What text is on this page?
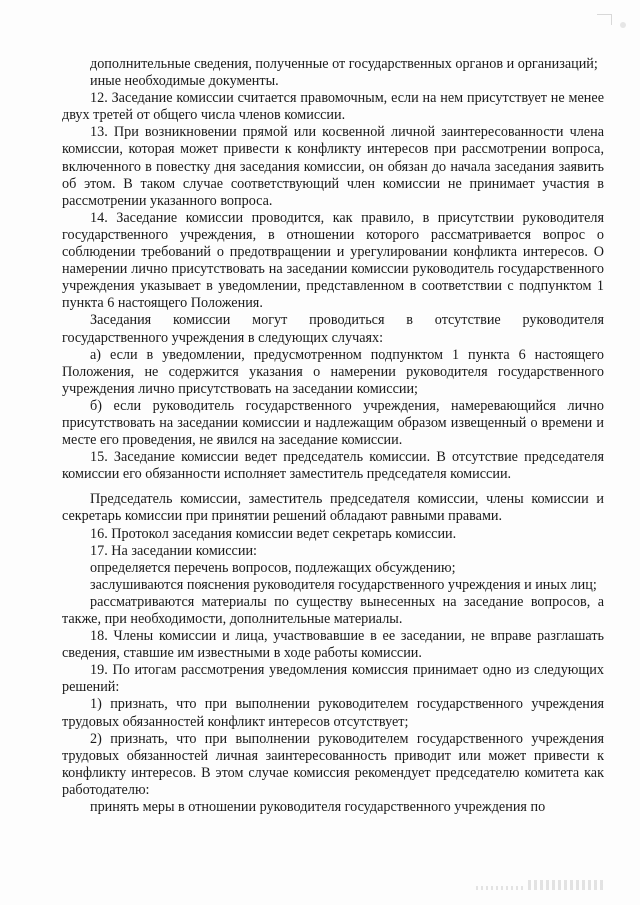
дополнительные сведения, полученные от государственных органов и организаций;

иные необходимые документы.

12. Заседание комиссии считается правомочным, если на нем присутствует не менее двух третей от общего числа членов комиссии.

13. При возникновении прямой или косвенной личной заинтересованности члена комиссии, которая может привести к конфликту интересов при рассмотрении вопроса, включенного в повестку дня заседания комиссии, он обязан до начала заседания заявить об этом. В таком случае соответствующий член комиссии не принимает участия в рассмотрении указанного вопроса.

14. Заседание комиссии проводится, как правило, в присутствии руководителя государственного учреждения, в отношении которого рассматривается вопрос о соблюдении требований о предотвращении и урегулировании конфликта интересов. О намерении лично присутствовать на заседании комиссии руководитель государственного учреждения указывает в уведомлении, представленном в соответствии с подпунктом 1 пункта 6 настоящего Положения.

Заседания комиссии могут проводиться в отсутствие руководителя государственного учреждения в следующих случаях:

а) если в уведомлении, предусмотренном подпунктом 1 пункта 6 настоящего Положения, не содержится указания о намерении руководителя государственного учреждения лично присутствовать на заседании комиссии;

б) если руководитель государственного учреждения, намеревающийся лично присутствовать на заседании комиссии и надлежащим образом извещенный о времени и месте его проведения, не явился на заседание комиссии.

15. Заседание комиссии ведет председатель комиссии. В отсутствие председателя комиссии его обязанности исполняет заместитель председателя комиссии.

Председатель комиссии, заместитель председателя комиссии, члены комиссии и секретарь комиссии при принятии решений обладают равными правами.

16. Протокол заседания комиссии ведет секретарь комиссии.

17. На заседании комиссии:

определяется перечень вопросов, подлежащих обсуждению;

заслушиваются пояснения руководителя государственного учреждения и иных лиц;

рассматриваются материалы по существу вынесенных на заседание вопросов, а также, при необходимости, дополнительные материалы.

18. Члены комиссии и лица, участвовавшие в ее заседании, не вправе разглашать сведения, ставшие им известными в ходе работы комиссии.

19. По итогам рассмотрения уведомления комиссия принимает одно из следующих решений:

1) признать, что при выполнении руководителем государственного учреждения трудовых обязанностей конфликт интересов отсутствует;

2) признать, что при выполнении руководителем государственного учреждения трудовых обязанностей личная заинтересованность приводит или может привести к конфликту интересов. В этом случае комиссия рекомендует председателю комитета как работодателю:

принять меры в отношении руководителя государственного учреждения по
